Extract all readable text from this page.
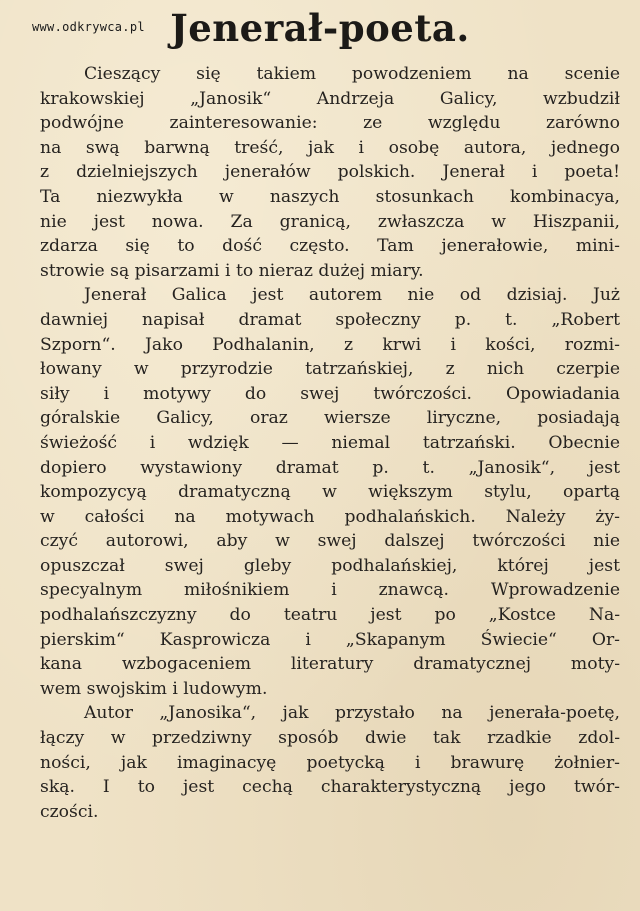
www.odkrywca.pl Jenerał-poeta.
Cieszący się takiem powodzeniem na scenie
krakowskiej „Janosik“ Andrzeja Galicy, wzbudził
podwójne zainteresowanie: ze względu zarówno
na swą barwną treść, jak i osobę autora, jednego
z dzielniejszych jenerałów polskich. Jenerał i poeta!
Ta niezwykła w naszych stosunkach kombinacya,
nie jest nowa. Za granicą, zwłaszcza w Hiszpanii,
zdarza się to dość często. Tam jenerałowie, mini-
strowie są pisarzami i to nieraz dużej miary.
Jenerał Galica jest autorem nie od dzisiaj. Już
dawniej napisał dramat społeczny p. t. „Robert
Szporn“. Jako Podhalanin, z krwi i kości, rozmi-
łowany w przyrodzie tatrzańskiej, z nich czerpie
siły i motywy do swej twórczości. Opowiadania
góralskie Galicy, oraz wiersze liryczne, posiadają
świeżość i wdzięk — niemal tatrzański. Obecnie
dopiero wystawiony dramat p. t. „Janosik“, jest
kompozycyą dramatyczną w większym stylu, opartą
w całości na motywach podhalańskich. Należy ży-
czyć autorowi, aby w swej dalszej twórczości nie
opuszczał swej gleby podhalańskiej, której jest
specyalnym miłośnikiem i znawcą. Wprowadzenie
podhalańszczyzny do teatru jest po „Kostce Na-
pierskim“ Kasprowicza i „Skapanym Świecie“ Or-
kana wzbogaceniem literatury dramatycznej moty-
wem swojskim i ludowym.
Autor „Janosika“, jak przystało na jenerała-poetę,
łączy w przedziwny sposób dwie tak rzadkie zdol-
ności, jak imaginacyę poetycką i brawurę żołnier-
ską. I to jest cechą charakterystyczną jego twór-
czości.
